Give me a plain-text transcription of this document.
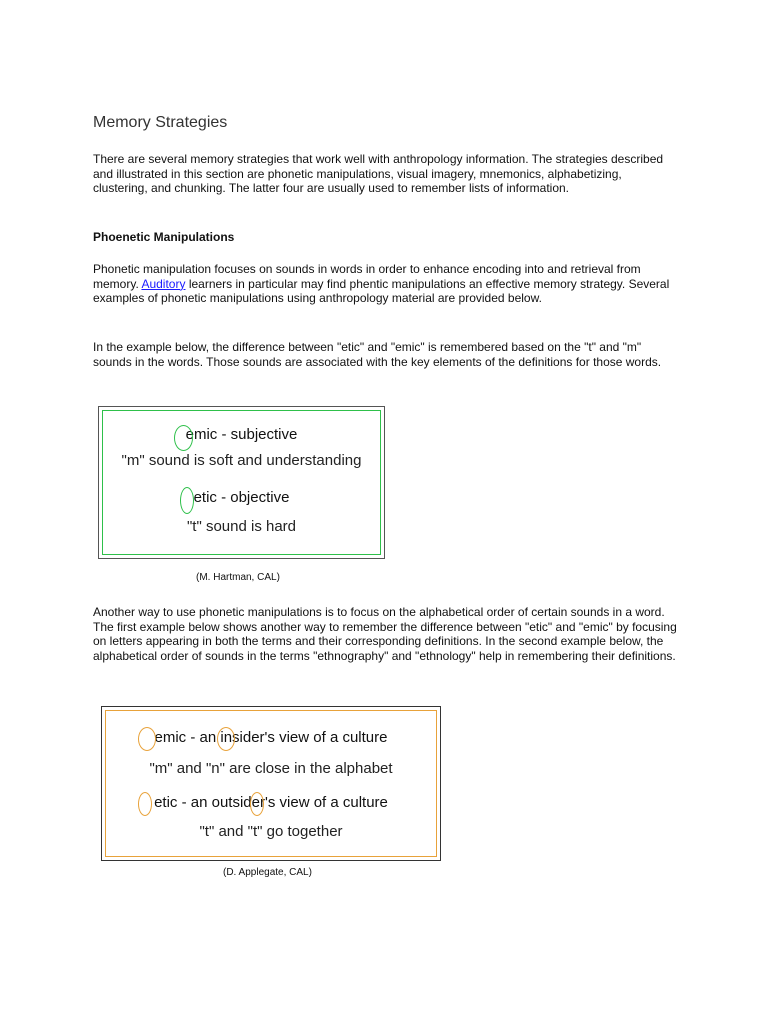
Memory Strategies

There are several memory strategies that work well with anthropology information. The strategies described and illustrated in this section are phonetic manipulations, visual imagery, mnemonics, alphabetizing, clustering, and chunking. The latter four are usually used to remember lists of information.

Phoenetic Manipulations

Phonetic manipulation focuses on sounds in words in order to enhance encoding into and retrieval from memory. Auditory learners in particular may find phentic manipulations an effective memory strategy. Several examples of phonetic manipulations using anthropology material are provided below.

In the example below, the difference between "etic" and "emic" is remembered based on the "t" and "m" sounds in the words. Those sounds are associated with the key elements of the definitions for those words.

emic - subjective
"m" sound is soft and understanding
etic - objective
"t" sound is hard
(M. Hartman, CAL)

Another way to use phonetic manipulations is to focus on the alphabetical order of certain sounds in a word. The first example below shows another way to remember the difference between "etic" and "emic" by focusing on letters appearing in both the terms and their corresponding definitions. In the second example below, the alphabetical order of sounds in the terms "ethnography" and "ethnology" help in remembering their definitions.

emic - an insider's view of a culture
"m" and "n" are close in the alphabet
etic - an outsider's view of a culture
"t" and "t" go together
(D. Applegate, CAL)
